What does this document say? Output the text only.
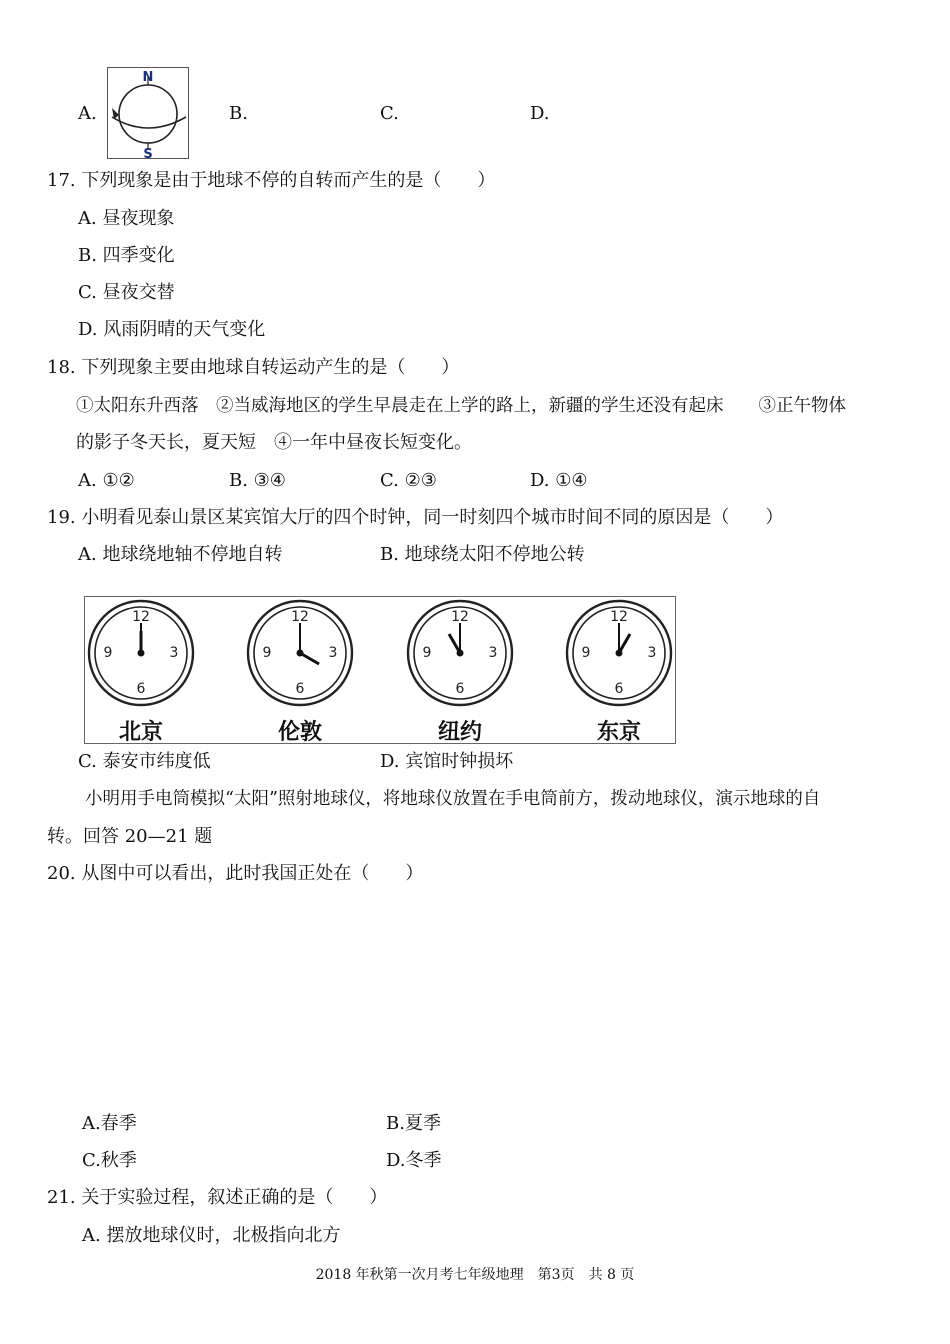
A.
N
S
B.	C.	D.
17. 下列现象是由于地球不停的自转而产生的是（　　）
A. 昼夜现象
B. 四季变化
C. 昼夜交替
D. 风雨阴晴的天气变化
18. 下列现象主要由地球自转运动产生的是（　　）
①太阳东升西落　②当威海地区的学生早晨走在上学的路上，新疆的学生还没有起床　　③正午物体
的影子冬天长，夏天短　④一年中昼夜长短变化。
A. ①②	B. ③④	C. ②③	D. ①④
19. 小明看见泰山景区某宾馆大厅的四个时钟，同一时刻四个城市时间不同的原因是（　　）
A. 地球绕地轴不停地自转	B. 地球绕太阳不停地公转
12
3
6
9
北京
12
3
6
9
伦敦
12
3
6
9
纽约
12
3
6
9
东京
C. 泰安市纬度低	D. 宾馆时钟损坏
小明用手电筒模拟“太阳”照射地球仪，将地球仪放置在手电筒前方，拨动地球仪，演示地球的自
转。回答 20—21 题
20. 从图中可以看出，此时我国正处在（　　）
A.春季	B.夏季
C.秋季	D.冬季
21. 关于实验过程，叙述正确的是（　　）
A. 摆放地球仪时，北极指向北方
2018 年秋第一次月考七年级地理　第3页　共 8 页
